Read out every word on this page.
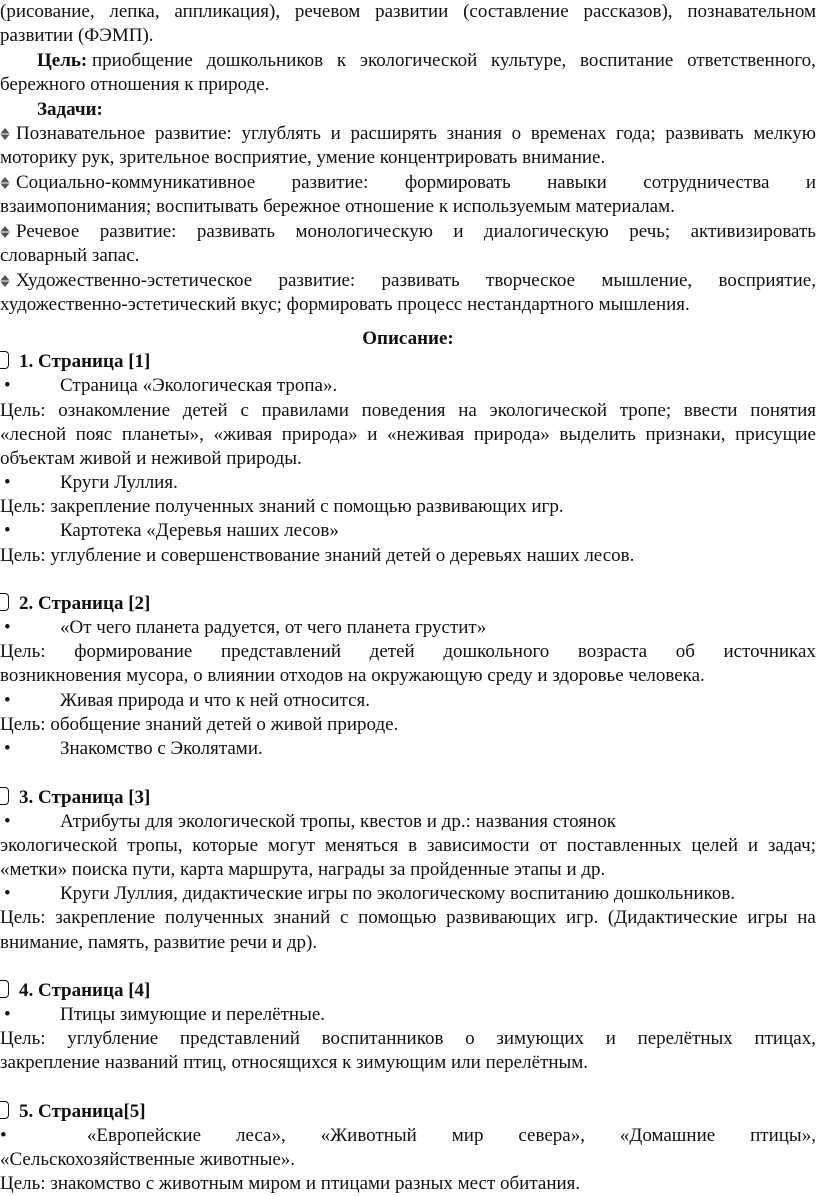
(рисование, лепка, аппликация), речевом развитии (составление рассказов), познавательном
развитии (ФЭМП).
Цель: приобщение дошкольников к экологической культуре, воспитание ответственного,
бережного отношения к природе.
Задачи:
Познавательное развитие: углублять и расширять знания о временах года; развивать мелкую
моторику рук, зрительное восприятие, умение концентрировать внимание.
Социально-коммуникативное развитие: формировать навыки сотрудничества и
взаимопонимания; воспитывать бережное отношение к используемым материалам.
Речевое развитие: развивать монологическую и диалогическую речь; активизировать
словарный запас.
Художественно-эстетическое развитие: развивать творческое мышление, восприятие,
художественно-эстетический вкус; формировать процесс нестандартного мышления.
Описание:
1. Страница [1]
•	Страница «Экологическая тропа».
Цель: ознакомление детей с правилами поведения на экологической тропе; ввести понятия
«лесной пояс планеты», «живая природа» и «неживая природа» выделить признаки, присущие
объектам живой и неживой природы.
•	Круги Луллия.
Цель: закрепление полученных знаний с помощью развивающих игр.
•	Картотека «Деревья наших лесов»
Цель: углубление и совершенствование знаний детей о деревьях наших лесов.
2. Страница [2]
•	«От чего планета радуется, от чего планета грустит»
Цель: формирование представлений детей дошкольного возраста об источниках
возникновения мусора, о влиянии отходов на окружающую среду и здоровье человека.
•	Живая природа и что к ней относится.
Цель: обобщение знаний детей о живой природе.
•	Знакомство с Эколятами.
3. Страница [3]
•	Атрибуты для экологической тропы, квестов и др.: названия стоянок
экологической тропы, которые могут меняться в зависимости от поставленных целей и задач;
«метки» поиска пути, карта маршрута, награды за пройденные этапы и др.
•	Круги Луллия, дидактические игры по экологическому воспитанию дошкольников.
Цель: закрепление полученных знаний с помощью развивающих игр. (Дидактические игры на
внимание, память, развитие речи и др).
4. Страница [4]
•	Птицы зимующие и перелётные.
Цель: углубление представлений воспитанников о зимующих и перелётных птицах,
закрепление названий птиц, относящихся к зимующим или перелётным.
5. Страница[5]
•	«Европейские леса», «Животный мир севера», «Домашние птицы»,
«Сельскохозяйственные животные».
Цель: знакомство с животным миром и птицами разных мест обитания.
